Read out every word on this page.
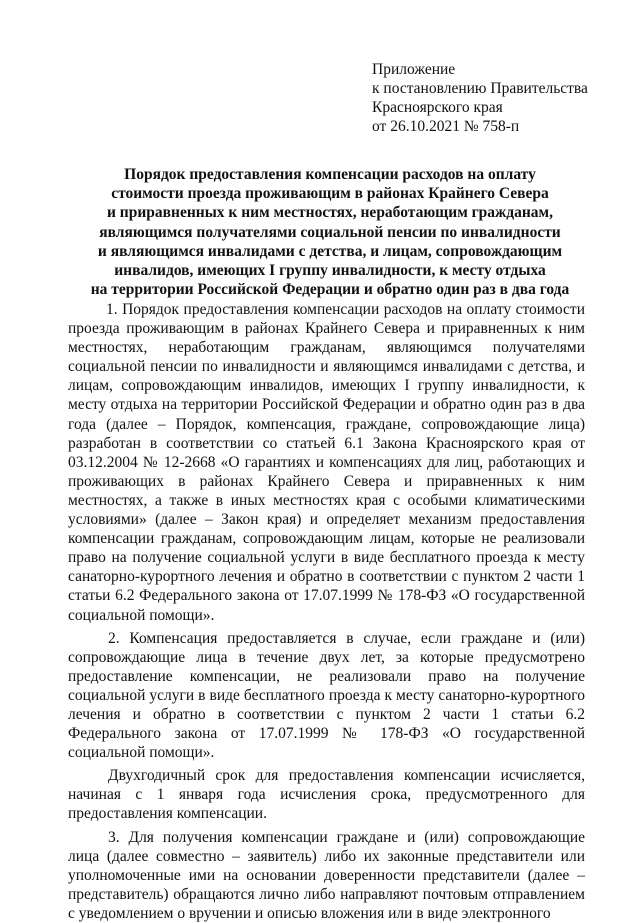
Приложение
к постановлению Правительства
Красноярского края
от 26.10.2021 № 758-п
Порядок предоставления компенсации расходов на оплату
стоимости проезда проживающим в районах Крайнего Севера
и приравненных к ним местностях, неработающим гражданам,
являющимся получателями социальной пенсии по инвалидности
и являющимся инвалидами с детства, и лицам, сопровождающим
инвалидов, имеющих I группу инвалидности, к месту отдыха
на территории Российской Федерации и обратно один раз в два года

1. Порядок предоставления компенсации расходов на оплату стоимости проезда проживающим в районах Крайнего Севера и приравненных к ним местностях, неработающим гражданам, являющимся получателями социальной пенсии по инвалидности и являющимся инвалидами с детства, и лицам, сопровождающим инвалидов, имеющих I группу инвалидности, к месту отдыха на территории Российской Федерации и обратно один раз в два года (далее – Порядок, компенсация, граждане, сопровождающие лица) разработан в соответствии со статьей 6.1 Закона Красноярского края от 03.12.2004 № 12-2668 «О гарантиях и компенсациях для лиц, работающих и проживающих в районах Крайнего Севера и приравненных к ним местностях, а также в иных местностях края с особыми климатическими условиями» (далее – Закон края) и определяет механизм предоставления компенсации гражданам, сопровождающим лицам, которые не реализовали право на получение социальной услуги в виде бесплатного проезда к месту санаторно-курортного лечения и обратно в соответствии с пунктом 2 части 1 статьи 6.2 Федерального закона от 17.07.1999 № 178-ФЗ «О государственной социальной помощи».

2. Компенсация предоставляется в случае, если граждане и (или) сопровождающие лица в течение двух лет, за которые предусмотрено предоставление компенсации, не реализовали право на получение социальной услуги в виде бесплатного проезда к месту санаторно-курортного лечения и обратно в соответствии с пунктом 2 части 1 статьи 6.2 Федерального закона от 17.07.1999 № 178-ФЗ «О государственной социальной помощи».

Двухгодичный срок для предоставления компенсации исчисляется, начиная с 1 января года исчисления срока, предусмотренного для предоставления компенсации.

3. Для получения компенсации граждане и (или) сопровождающие лица (далее совместно – заявитель) либо их законные представители или уполномоченные ими на основании доверенности представители (далее – представитель) обращаются лично либо направляют почтовым отправлением с уведомлением о вручении и описью вложения или в виде электронного
